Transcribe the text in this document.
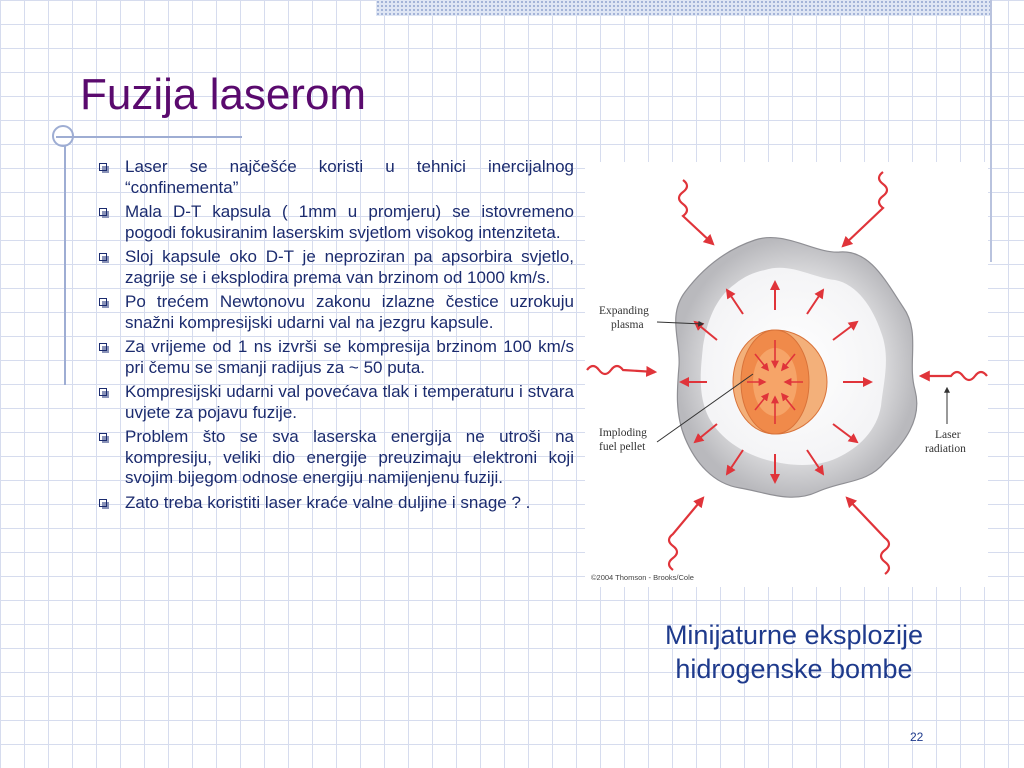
Fuzija laserom
Laser se najčešće koristi u tehnici inercijalnog “confinementa”
Mala D-T kapsula ( 1mm u promjeru) se istovremeno pogodi fokusiranim laserskim svjetlom visokog intenziteta.
Sloj kapsule oko D-T je neproziran pa apsorbira svjetlo, zagrije se i eksplodira prema van brzinom od 1000 km/s.
Po trećem Newtonovu zakonu izlazne čestice uzrokuju snažni kompresijski udarni val na jezgru kapsule.
Za vrijeme od 1 ns izvrši se kompresija brzinom 100 km/s pri čemu se smanji radijus za ~ 50 puta.
Kompresijski udarni val povećava tlak i temperaturu i stvara uvjete za pojavu fuzije.
Problem što se sva laserska energija ne utroši na kompresiju, veliki dio energije preuzimaju elektroni koji svojim bijegom odnose energiju namijenjenu fuziji.
Zato treba koristiti laser kraće valne duljine i snage ? .
Expanding
plasma
Imploding
fuel pellet
Laser
radiation
©2004 Thomson - Brooks/Cole
Minijaturne eksplozije
hidrogenske bombe
22
